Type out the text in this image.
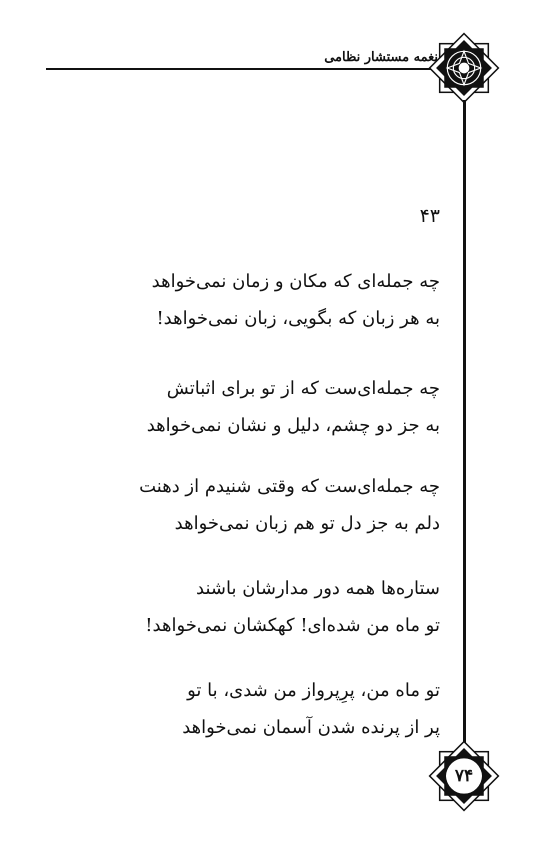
نغمه مستشار نظامی
۴۳
چه جمله‌ای که مکان و زمان نمی‌خواهد
به هر زبان که بگویی، زبان نمی‌خواهد!
چه جمله‌ای‌ست که از تو برای اثباتش
به جز دو چشم، دلیل و نشان نمی‌خواهد
چه جمله‌ای‌ست که وقتی شنیدم از دهنت
دلم به جز دل تو هم زبان نمی‌خواهد
ستاره‌ها همه دور مدارشان باشند
تو ماه من شده‌ای! کهکشان نمی‌خواهد!
تو ماه من، پرِپرواز من شدی، با تو
پر از پرنده شدن آسمان نمی‌خواهد
۷۴
